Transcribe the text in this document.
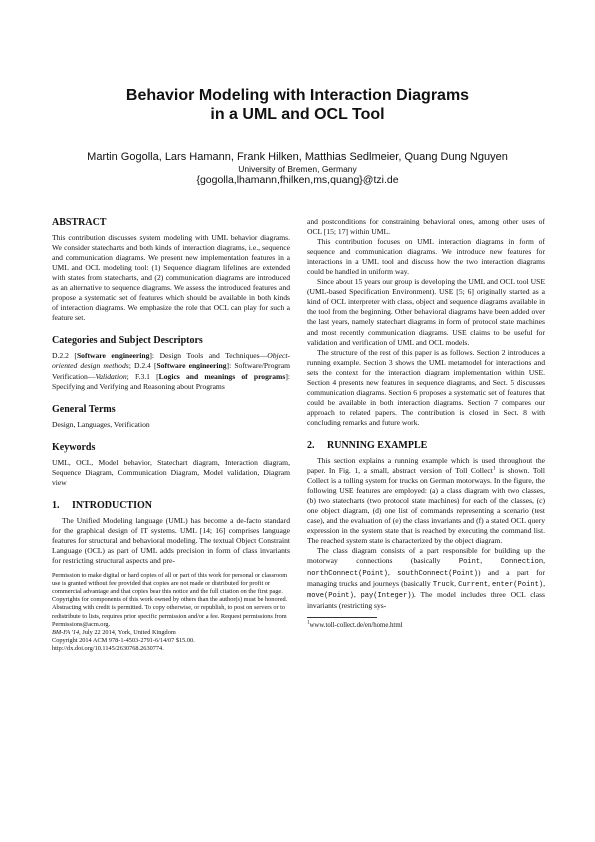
Behavior Modeling with Interaction Diagrams
in a UML and OCL Tool

Martin Gogolla, Lars Hamann, Frank Hilken, Matthias Sedlmeier, Quang Dung Nguyen

University of Bremen, Germany

{gogolla,lhamann,fhilken,ms,quang}@tzi.de

ABSTRACT

This contribution discusses system modeling with UML behavior diagrams. We consider statecharts and both kinds of interaction diagrams, i.e., sequence and communication diagrams. We present new implementation features in a UML and OCL modeling tool: (1) Sequence diagram lifelines are extended with states from statecharts, and (2) communication diagrams are introduced as an alternative to sequence diagrams. We assess the introduced features and propose a systematic set of features which should be available in both kinds of interaction diagrams. We emphasize the role that OCL can play for such a feature set.

Categories and Subject Descriptors

D.2.2 [Software engineering]: Design Tools and Techniques—Object-oriented design methods; D.2.4 [Software engineering]: Software/Program Verification—Validation; F.3.1 [Logics and meanings of programs]: Specifying and Verifying and Reasoning about Programs

General Terms

Design, Languages, Verification

Keywords

UML, OCL, Model behavior, Statechart diagram, Interaction diagram, Sequence Diagram, Communication Diagram, Model validation, Diagram view

1. INTRODUCTION

The Unified Modeling language (UML) has become a de-facto standard for the graphical design of IT systems. UML [14; 16] comprises language features for structural and behavioral modeling. The textual Object Constraint Language (OCL) as part of UML adds precision in form of class invariants for restricting structural aspects and pre-

Permission to make digital or hard copies of all or part of this work for personal or classroom use is granted without fee provided that copies are not made or distributed for profit or commercial advantage and that copies bear this notice and the full citation on the first page. Copyrights for components of this work owned by others than the author(s) must be honored. Abstracting with credit is permitted. To copy otherwise, or republish, to post on servers or to redistribute to lists, requires prior specific permission and/or a fee. Request permissions from Permissions@acm.org.

BM-FA '14, July 22 2014, York, United Kingdom

Copyright 2014 ACM 978-1-4503-2791-6/14/07 $15.00.

http://dx.doi.org/10.1145/2630768.2630774.

and postconditions for constraining behavioral ones, among other uses of OCL [15; 17] within UML.

This contribution focuses on UML interaction diagrams in form of sequence and communication diagrams. We introduce new features for interactions in a UML tool and discuss how the two interaction diagrams could be handled in uniform way.

Since about 15 years our group is developing the UML and OCL tool USE (UML-based Specification Environment). USE [5; 6] originally started as a kind of OCL interpreter with class, object and sequence diagrams available in the tool from the beginning. Other behavioral diagrams have been added over the last years, namely statechart diagrams in form of protocol state machines and most recently communication diagrams. USE claims to be useful for validation and verification of UML and OCL models.

The structure of the rest of this paper is as follows. Section 2 introduces a running example. Section 3 shows the UML metamodel for interactions and sets the context for the interaction diagram implementation within USE. Section 4 presents new features in sequence diagrams, and Sect. 5 discusses communication diagrams. Section 6 proposes a systematic set of features that could be available in both interaction diagrams. Section 7 compares our approach to related papers. The contribution is closed in Sect. 8 with concluding remarks and future work.

2. RUNNING EXAMPLE

This section explains a running example which is used throughout the paper. In Fig. 1, a small, abstract version of Toll Collect$^1$ is shown. Toll Collect is a tolling system for trucks on German motorways. In the figure, the following USE features are employed: (a) a class diagram with two classes, (b) two statecharts (two protocol state machines) for each of the classes, (c) one object diagram, (d) one list of commands representing a scenario (test case), and the evaluation of (e) the class invariants and (f) a stated OCL query expression in the system state that is reached by executing the command list. The reached system state is characterized by the object diagram.

The class diagram consists of a part responsible for building up the motorway connections (basically Point, Connection, northConnect(Point), southConnect(Point)) and a part for managing trucks and journeys (basically Truck, Current, enter(Point), move(Point), pay(Integer)). The model includes three OCL class invariants (restricting sys-

$^1$www.toll-collect.de/en/home.html
